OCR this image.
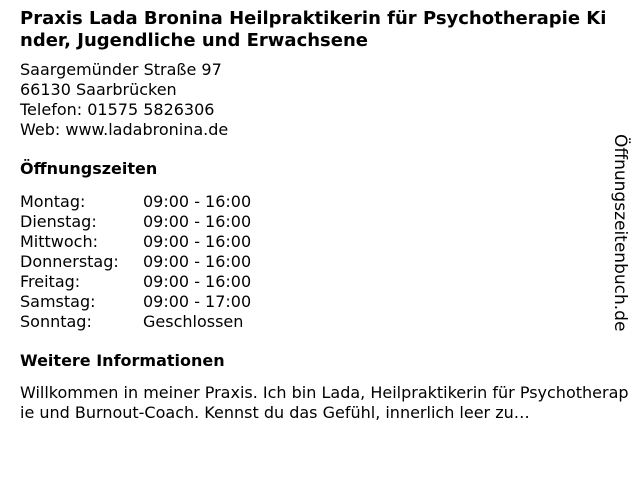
Praxis Lada Bronina Heilpraktikerin für Psychotherapie Kinder, Jugendliche und Erwachsene
Saargemünder Straße 97
66130 Saarbrücken
Telefon: 01575 5826306
Web: www.ladabronina.de
Öffnungszeiten
Montag:	09:00 - 16:00
Dienstag:	09:00 - 16:00
Mittwoch:	09:00 - 16:00
Donnerstag:	09:00 - 16:00
Freitag:	09:00 - 16:00
Samstag:	09:00 - 17:00
Sonntag:	Geschlossen
Weitere Informationen
Willkommen in meiner Praxis. Ich bin Lada, Heilpraktikerin für Psychotherapie und Burnout-Coach. Kennst du das Gefühl, innerlich leer zu…
Öffnungszeitenbuch.de
